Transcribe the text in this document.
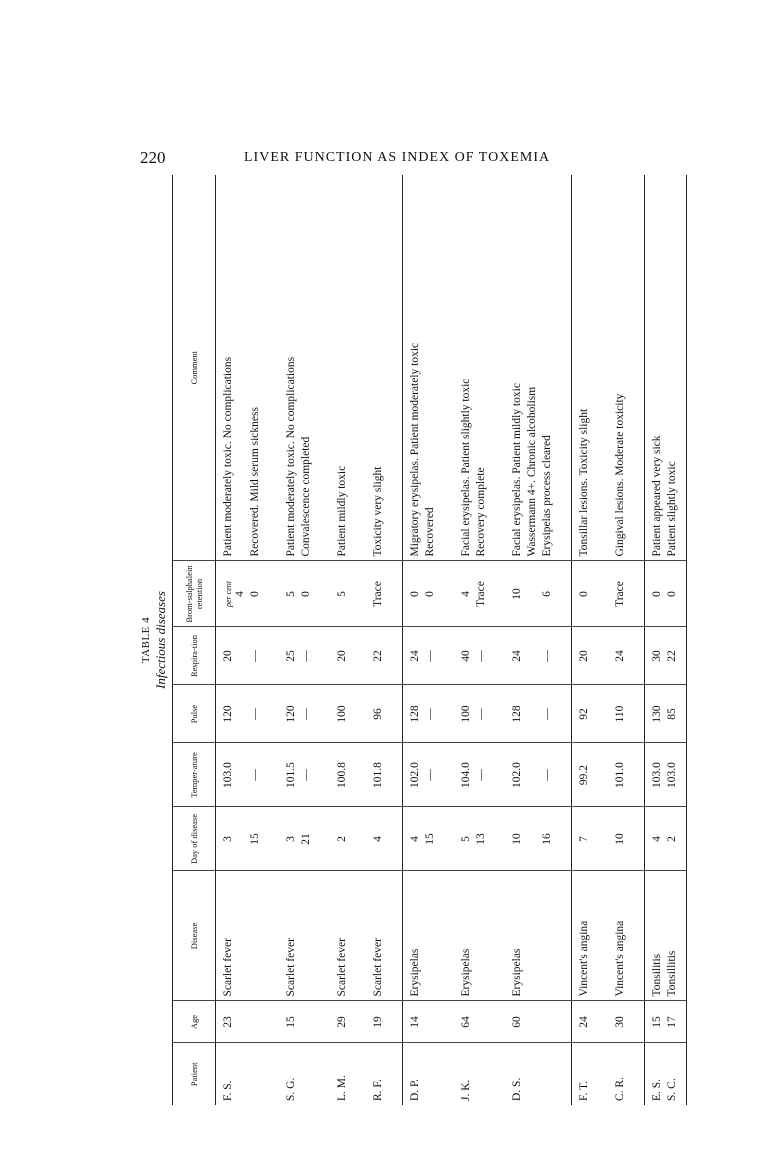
220	LIVER FUNCTION AS INDEX OF TOXEMIA
TABLE 4 Infectious diseases
Patient	Age	Disease	Day of disease	Temper-ature	Pulse	Respira-tion	Brom-sulphalein retention	Comment
F. S.	23	Scarlet fever	3	103.0	120	20	per cent 4	Patient moderately toxic. No complications
			15	—	—	—	0	Recovered. Mild serum sickness
S. G.	15	Scarlet fever	3	101.5	120	25	5	Patient moderately toxic. No complications
			21	—	—	—	0	Convalescence completed
L. M.	29	Scarlet fever	2	100.8	100	20	5	Patient mildly toxic
R. F.	19	Scarlet fever	4	101.8	96	22	Trace	Toxicity very slight
D. P.	14	Erysipelas	4	102.0	128	24	0	Migratory erysipelas. Patient moderately toxic
			15	—	—	—	0	Recovered
J. K.	64	Erysipelas	5	104.0	100	40	4	Facial erysipelas. Patient slightly toxic
			13	—	—	—	Trace	Recovery complete
D. S.	60	Erysipelas	10	102.0	128	24	10	Facial erysipelas. Patient mildly toxic
								Wassermann 4+. Chronic alcoholism
			16	—	—	—	6	Erysipelas process cleared
F. T.	24	Vincent's angina	7	99.2	92	20	0	Tonsillar lesions. Toxicity slight
C. R.	30	Vincent's angina	10	101.0	110	24	Trace	Gingival lesions. Moderate toxicity
E. S.	15	Tonsilitis	4	103.0	130	30	0	Patient appeared very sick
S. C.	17	Tonsillitis	2	103.0	85	22	0	Patient slightly toxic
